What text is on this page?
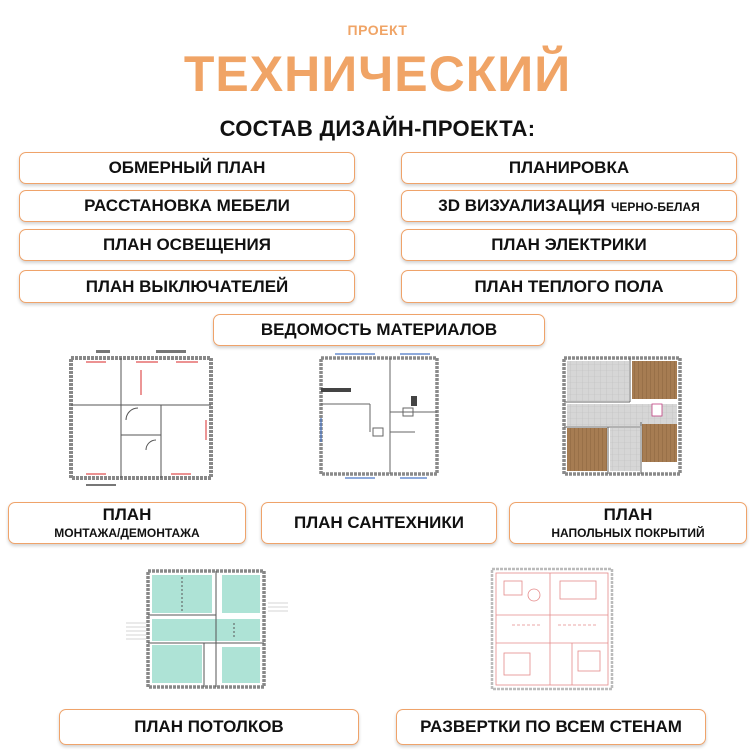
ПРОЕКТ
ТЕХНИЧЕСКИЙ
СОСТАВ ДИЗАЙН-ПРОЕКТА:
ОБМЕРНЫЙ ПЛАН	ПЛАНИРОВКА
РАССТАНОВКА МЕБЕЛИ	3D ВИЗУАЛИЗАЦИЯ ЧЕРНО-БЕЛАЯ
ПЛАН ОСВЕЩЕНИЯ	ПЛАН ЭЛЕКТРИКИ
ПЛАН ВЫКЛЮЧАТЕЛЕЙ	ПЛАН ТЕПЛОГО ПОЛА
ВЕДОМОСТЬ МАТЕРИАЛОВ
ПЛАН
МОНТАЖА/ДЕМОНТАЖА
ПЛАН САНТЕХНИКИ	ПЛАН
НАПОЛЬНЫХ ПОКРЫТИЙ
ПЛАН ПОТОЛКОВ	РАЗВЕРТКИ ПО ВСЕМ СТЕНАМ
